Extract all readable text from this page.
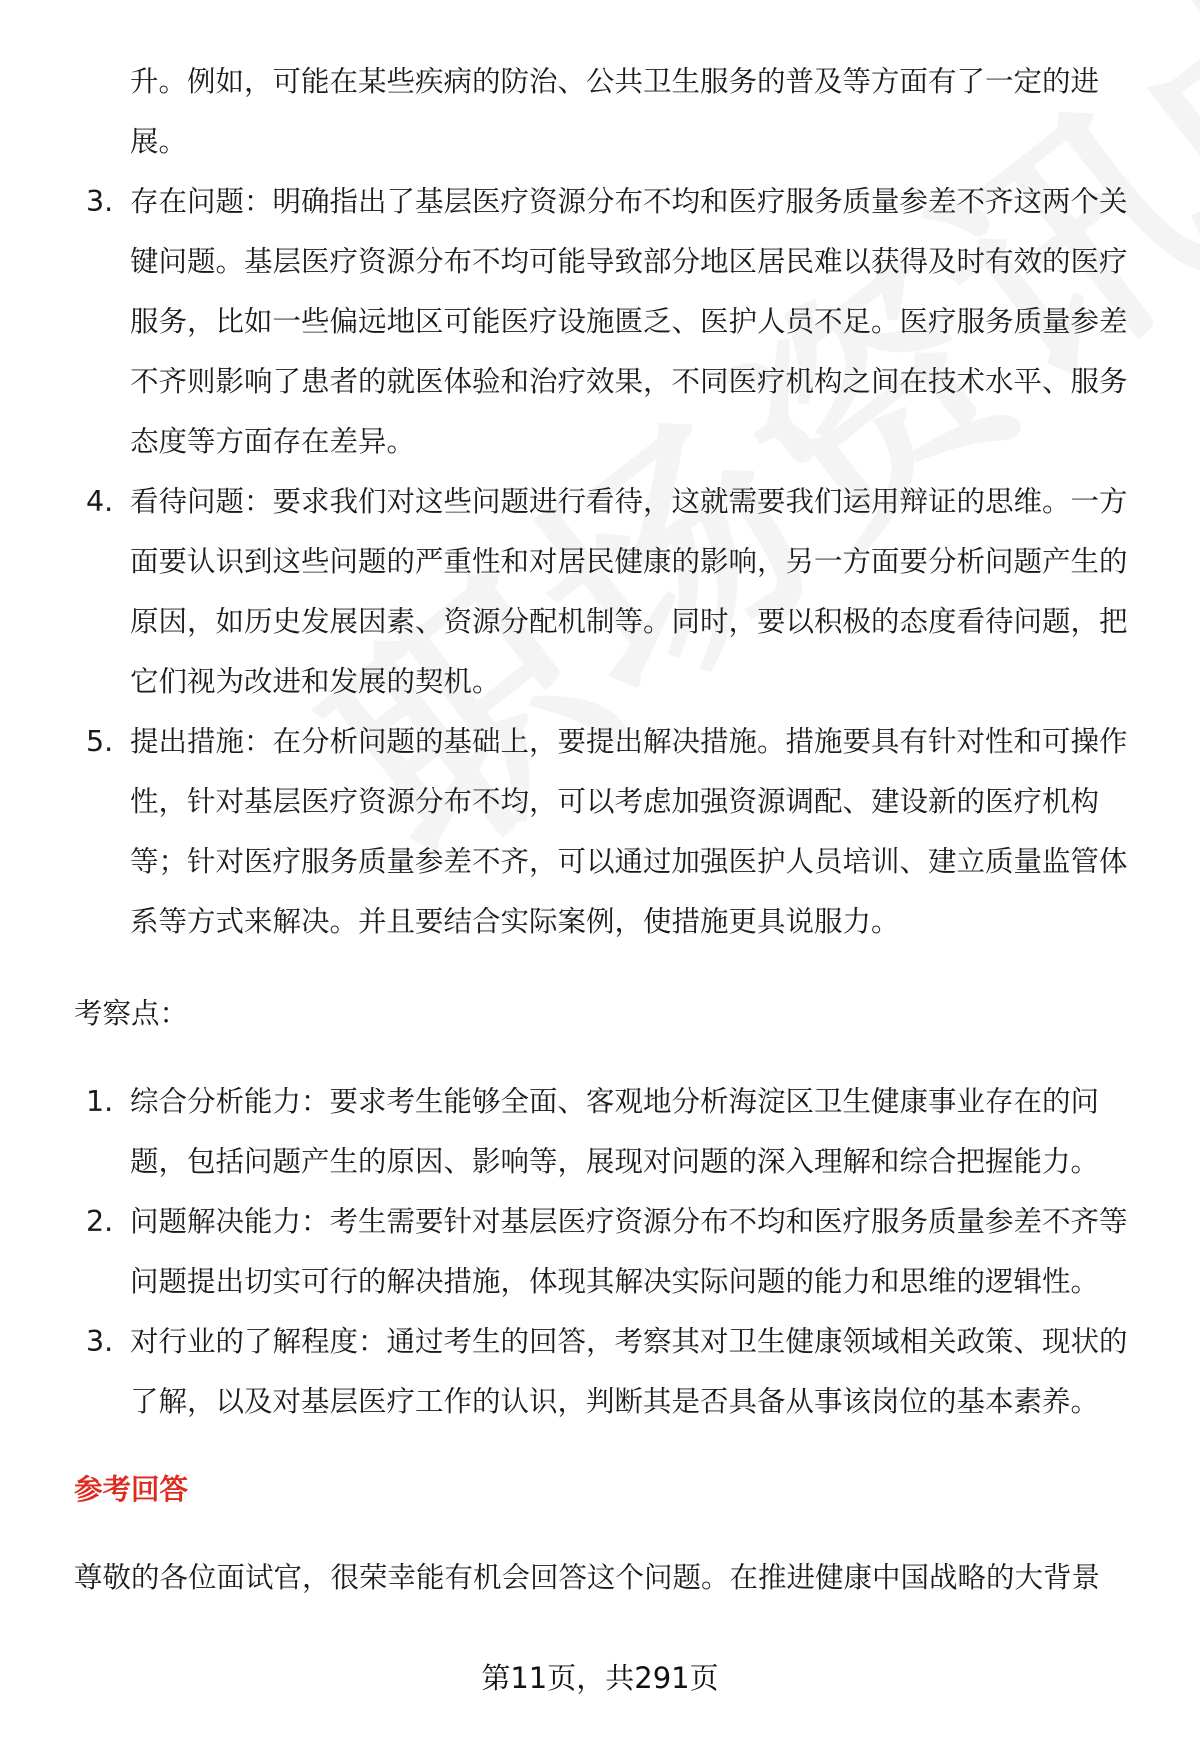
升。例如，可能在某些疾病的防治、公共卫生服务的普及等方面有了一定的进
展。
3. 存在问题：明确指出了基层医疗资源分布不均和医疗服务质量参差不齐这两个关键问题。基层医疗资源分布不均可能导致部分地区居民难以获得及时有效的医疗服务，比如一些偏远地区可能医疗设施匮乏、医护人员不足。医疗服务质量参差不齐则影响了患者的就医体验和治疗效果，不同医疗机构之间在技术水平、服务态度等方面存在差异。
4. 看待问题：要求我们对这些问题进行看待，这就需要我们运用辩证的思维。一方面要认识到这些问题的严重性和对居民健康的影响，另一方面要分析问题产生的原因，如历史发展因素、资源分配机制等。同时，要以积极的态度看待问题，把它们视为改进和发展的契机。
5. 提出措施：在分析问题的基础上，要提出解决措施。措施要具有针对性和可操作性，针对基层医疗资源分布不均，可以考虑加强资源调配、建设新的医疗机构等；针对医疗服务质量参差不齐，可以通过加强医护人员培训、建立质量监管体系等方式来解决。并且要结合实际案例，使措施更具说服力。
考察点：
1. 综合分析能力：要求考生能够全面、客观地分析海淀区卫生健康事业存在的问题，包括问题产生的原因、影响等，展现对问题的深入理解和综合把握能力。
2. 问题解决能力：考生需要针对基层医疗资源分布不均和医疗服务质量参差不齐等问题提出切实可行的解决措施，体现其解决实际问题的能力和思维的逻辑性。
3. 对行业的了解程度：通过考生的回答，考察其对卫生健康领域相关政策、现状的了解，以及对基层医疗工作的认识，判断其是否具备从事该岗位的基本素养。
参考回答
尊敬的各位面试官，很荣幸能有机会回答这个问题。在推进健康中国战略的大背景
第11页，共291页
